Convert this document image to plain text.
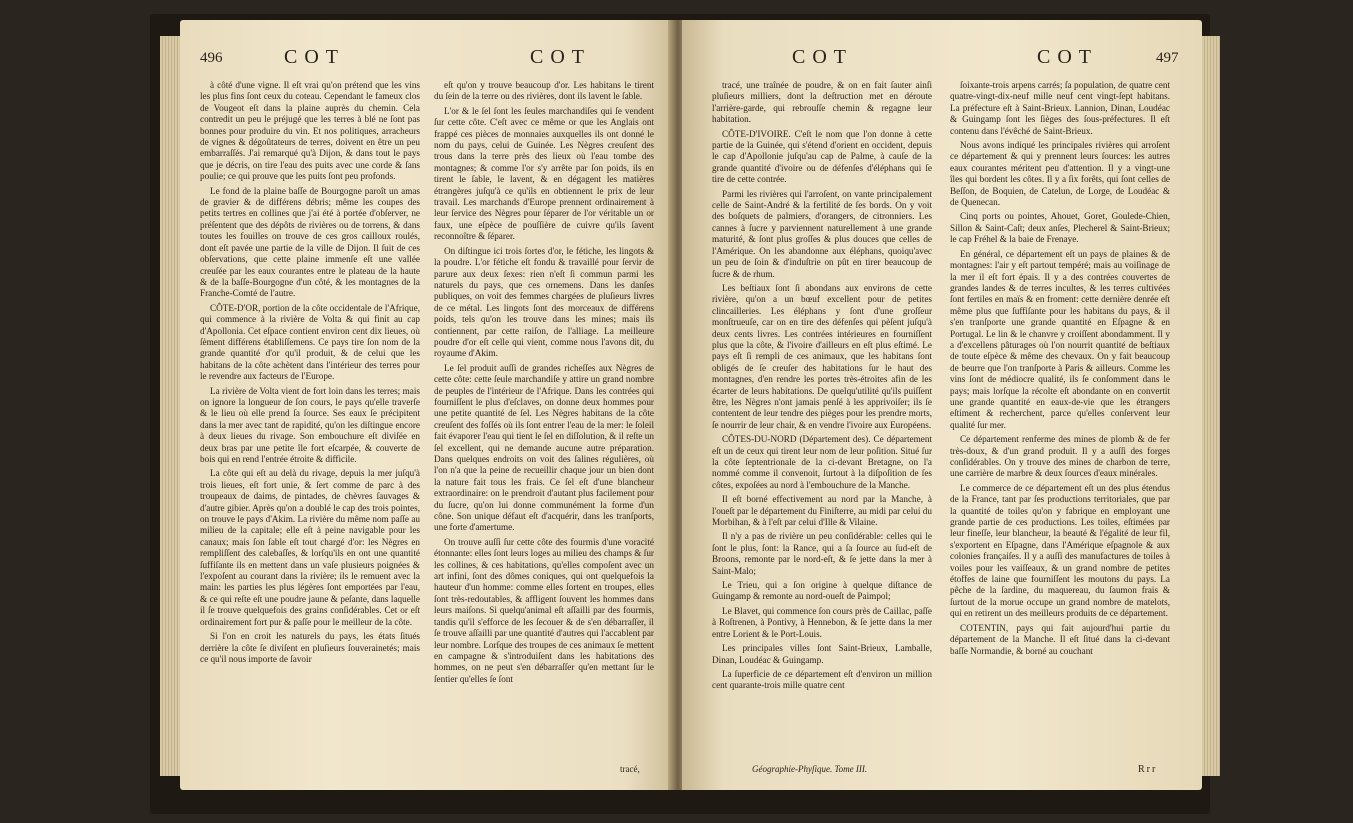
496	COT	COT

à côté d'une vigne. Il eſt vrai qu'on prétend que les vins les plus fins ſont ceux du coteau. Cependant le fameux clos de Vougeot eſt dans la plaine auprès du chemin. Cela contredit un peu le préjugé que les terres à blé ne ſont pas bonnes pour produire du vin. Et nos politiques, arracheurs de vignes & dégoûtateurs de terres, doivent en être un peu embarraſſés. J'ai remarqué qu'à Dijon, & dans tout le pays que je décris, on tire l'eau des puits avec une corde & ſans poulie; ce qui prouve que les puits ſont peu profonds.

Le fond de la plaine baſſe de Bourgogne paroît un amas de gravier & de différens débris; même les coupes des petits tertres en collines que j'ai été à portée d'obſerver, ne préſentent que des dépôts de rivières ou de torrens, & dans toutes les fouilles on trouve de ces gros cailloux roulés, dont eſt pavée une partie de la ville de Dijon. Il ſuit de ces obſervations, que cette plaine immenſe eſt une vallée creuſée par les eaux courantes entre le plateau de la haute & de la baſſe-Bourgogne d'un côté, & les montagnes de la Franche-Comté de l'autre.

CÔTE-D'OR, portion de la côte occidentale de l'Afrique, qui commence à la rivière de Volta & qui finit au cap d'Apollonia. Cet eſpace contient environ cent dix lieues, où ſèment différens établiſſemens. Ce pays tire ſon nom de la grande quantité d'or qu'il produit, & de celui que les habitans de la côte achètent dans l'intérieur des terres pour le revendre aux facteurs de l'Europe.

La rivière de Volta vient de fort loin dans les terres; mais on ignore la longueur de ſon cours, le pays qu'elle traverſe & le lieu où elle prend ſa ſource. Ses eaux ſe précipitent dans la mer avec tant de rapidité, qu'on les diſtingue encore à deux lieues du rivage. Son embouchure eſt diviſée en deux bras par une petite île fort eſcarpée, & couverte de bois qui en rend l'entrée étroite & difficile.

La côte qui eſt au delà du rivage, depuis la mer juſqu'à trois lieues, eſt fort unie, & ſert comme de parc à des troupeaux de daims, de pintades, de chèvres ſauvages & d'autre gibier. Après qu'on a doublé le cap des trois pointes, on trouve le pays d'Akim. La rivière du même nom paſſe au milieu de la capitale; elle eſt à peine navigable pour les canaux; mais ſon ſable eſt tout chargé d'or: les Nègres en rempliſſent des calebaſſes, & lorſqu'ils en ont une quantité ſuffiſante ils en mettent dans un vaſe plusieurs poignées & l'expoſent au courant dans la rivière; ils le remuent avec la main: les parties les plus légères ſont emportées par l'eau, & ce qui reſte eſt une poudre jaune & peſante, dans laquelle il ſe trouve quelquefois des grains conſidérables. Cet or eſt ordinairement fort pur & paſſe pour le meilleur de la côte.

Si l'on en croit les naturels du pays, les états ſitués derrière la côte ſe diviſent en pluſieurs ſouverainetés; mais ce qu'il nous importe de ſavoir

eſt qu'on y trouve beaucoup d'or. Les habitans le tirent du ſein de la terre ou des rivières, dont ils lavent le ſable.

L'or & le ſel ſont les ſeules marchandiſes qui ſe vendent ſur cette côte. C'eſt avec ce même or que les Anglais ont frappé ces pièces de monnaies auxquelles ils ont donné le nom du pays, celui de Guinée. Les Nègres creuſent des trous dans la terre près des lieux où l'eau tombe des montagnes; & comme l'or s'y arrête par ſon poids, ils en tirent le ſable, le lavent, & en dégagent les matières étrangères juſqu'à ce qu'ils en obtiennent le prix de leur travail. Les marchands d'Europe prennent ordinairement à leur ſervice des Nègres pour ſéparer de l'or véritable un or faux, une eſpèce de pouſſière de cuivre qu'ils ſavent reconnoître & ſéparer.

On diſtingue ici trois ſortes d'or, le fétiche, les lingots & la poudre. L'or fétiche eſt fondu & travaillé pour ſervir de parure aux deux ſexes: rien n'eſt ſi commun parmi les naturels du pays, que ces ornemens. Dans les danſes publiques, on voit des femmes chargées de pluſieurs livres de ce métal. Les lingots ſont des morceaux de différens poids, tels qu'on les trouve dans les mines; mais ils contiennent, par cette raiſon, de l'alliage. La meilleure poudre d'or eſt celle qui vient, comme nous l'avons dit, du royaume d'Akim.

Le ſel produit auſſi de grandes richeſſes aux Nègres de cette côte: cette ſeule marchandiſe y attire un grand nombre de peuples de l'intérieur de l'Afrique. Dans les contrées qui fourniſſent le plus d'eſclaves, on donne deux hommes pour une petite quantité de ſel. Les Nègres habitans de la côte creuſent des foſſés où ils ſont entrer l'eau de la mer: le ſoleil fait évaporer l'eau qui tient le ſel en diſſolution, & il reſte un ſel excellent, qui ne demande aucune autre préparation. Dans quelques endroits on voit des ſalines régulières, où l'on n'a que la peine de recueillir chaque jour un bien dont la nature fait tous les frais. Ce ſel eſt d'une blancheur extraordinaire: on le prendroit d'autant plus facilement pour du ſucre, qu'on lui donne communément la forme d'un cône. Son unique défaut eſt d'acquérir, dans les tranſports, une forte d'amertume.

On trouve auſſi ſur cette côte des fourmis d'une voracité étonnante: elles ſont leurs loges au milieu des champs & ſur les collines, & ces habitations, qu'elles compoſent avec un art infini, ſont des dômes coniques, qui ont quelquefois la hauteur d'un homme: comme elles ſortent en troupes, elles ſont très-redoutables, & affligent ſouvent les hommes dans leurs maiſons. Si quelqu'animal eſt aſſailli par des fourmis, tandis qu'il s'efforce de les ſecouer & de s'en débarraſſer, il ſe trouve aſſailli par une quantité d'autres qui l'accablent par leur nombre. Lorſque des troupes de ces animaux ſe mettent en campagne & s'introduiſent dans les habitations des hommes, on ne peut s'en débarraſſer qu'en mettant ſur le ſentier qu'elles ſe ſont

tracé,
COT	COT	497

tracé, une traînée de poudre, & on en fait ſauter ainſi pluſieurs milliers, dont la deſtruction met en déroute l'arrière-garde, qui rebrouſſe chemin & regagne leur habitation.

CÔTE-D'IVOIRE. C'eſt le nom que l'on donne à cette partie de la Guinée, qui s'étend d'orient en occident, depuis le cap d'Apollonie juſqu'au cap de Palme, à cauſe de la grande quantité d'ivoire ou de défenſes d'éléphans qui ſe tire de cette contrée.

Parmi les rivières qui l'arroſent, on vante principalement celle de Saint-André & la fertilité de ſes bords. On y voit des boſquets de palmiers, d'orangers, de citronniers. Les cannes à ſucre y parviennent naturellement à une grande maturité, & ſont plus groſſes & plus douces que celles de l'Amérique. On les abandonne aux éléphans, quoiqu'avec un peu de ſoin & d'induſtrie on pût en tirer beaucoup de ſucre & de rhum.

Les beſtiaux ſont ſi abondans aux environs de cette rivière, qu'on a un bœuf excellent pour de petites clincailleries. Les éléphans y ſont d'une groſſeur monſtrueuſe, car on en tire des défenſes qui pèſent juſqu'à deux cents livres. Les contrées intérieures en fourniſſent plus que la côte, & l'ivoire d'ailleurs en eſt plus eſtimé. Le pays eſt ſi rempli de ces animaux, que les habitans ſont obligés de ſe creuſer des habitations ſur le haut des montagnes, d'en rendre les portes très-étroites afin de les écarter de leurs habitations. De quelqu'utilité qu'ils puiſſent être, les Nègres n'ont jamais penſé à les apprivoiſer; ils ſe contentent de leur tendre des pièges pour les prendre morts, ſe nourrir de leur chair, & en vendre l'ivoire aux Européens.

CÔTES-DU-NORD (Département des). Ce département eſt un de ceux qui tirent leur nom de leur poſition. Situé ſur la côte ſeptentrionale de la ci-devant Bretagne, on l'a nommé comme il convenoit, ſurtout à la diſpoſition de ſes côtes, expoſées au nord à l'embouchure de la Manche.

Il eſt borné effectivement au nord par la Manche, à l'oueſt par le département du Finiſterre, au midi par celui du Morbihan, & à l'eſt par celui d'Ille & Vilaine.

Il n'y a pas de rivière un peu conſidérable: celles qui le ſont le plus, ſont: la Rance, qui a ſa ſource au ſud-eſt de Broons, remonte par le nord-eſt, & ſe jette dans la mer à Saint-Malo;

Le Trieu, qui a ſon origine à quelque diſtance de Guingamp & remonte au nord-oueſt de Paimpol;

Le Blavet, qui commence ſon cours près de Caillac, paſſe à Roſtrenen, à Pontivy, à Hennebon, & ſe jette dans la mer entre Lorient & le Port-Louis.

Les principales villes ſont Saint-Brieux, Lamballe, Dinan, Loudéac & Guingamp.

La ſuperficie de ce département eſt d'environ un million cent quarante-trois mille quatre cent

ſoixante-trois arpens carrés; ſa population, de quatre cent quatre-vingt-dix-neuf mille neuf cent vingt-ſept habitans. La préfecture eſt à Saint-Brieux. Lannion, Dinan, Loudéac & Guingamp ſont les ſièges des ſous-préfectures. Il eſt contenu dans l'évêché de Saint-Brieux.

Nous avons indiqué les principales rivières qui arroſent ce département & qui y prennent leurs ſources: les autres eaux courantes méritent peu d'attention. Il y a vingt-une îles qui bordent les côtes. Il y a ſix forêts, qui ſont celles de Beſſon, de Boquien, de Catelun, de Lorge, de Loudéac & de Quenecan.

Cinq ports ou pointes, Ahouet, Goret, Goulede-Chien, Sillon & Saint-Caſt; deux anſes, Plecherel & Saint-Brieux; le cap Fréhel & la baie de Frenaye.

En général, ce département eſt un pays de plaines & de montagnes: l'air y eſt partout tempéré; mais au voiſinage de la mer il eſt fort épais. Il y a des contrées couvertes de grandes landes & de terres incultes, & les terres cultivées ſont fertiles en maïs & en froment: cette dernière denrée eſt même plus que ſuffiſante pour les habitans du pays, & il s'en tranſporte une grande quantité en Eſpagne & en Portugal. Le lin & le chanvre y croiſſent abondamment. Il y a d'excellens pâturages où l'on nourrit quantité de beſtiaux de toute eſpèce & même des chevaux. On y fait beaucoup de beurre que l'on tranſporte à Paris & ailleurs. Comme les vins ſont de médiocre qualité, ils ſe conſomment dans le pays; mais lorſque la récolte eſt abondante on en convertit une grande quantité en eaux-de-vie que les étrangers eſtiment & recherchent, parce qu'elles conſervent leur qualité ſur mer.

Ce département renferme des mines de plomb & de fer très-doux, & d'un grand produit. Il y a auſſi des forges conſidérables. On y trouve des mines de charbon de terre, une carrière de marbre & deux ſources d'eaux minérales.

Le commerce de ce département eſt un des plus étendus de la France, tant par ſes productions territoriales, que par la quantité de toiles qu'on y fabrique en employant une grande partie de ces productions. Les toiles, eſtimées par leur fineſſe, leur blancheur, la beauté & l'égalité de leur fil, s'exportent en Eſpagne, dans l'Amérique eſpagnole & aux colonies françaiſes. Il y a auſſi des manufactures de toiles à voiles pour les vaiſſeaux, & un grand nombre de petites étoffes de laine que fourniſſent les moutons du pays. La pêche de la ſardine, du maquereau, du ſaumon frais & ſurtout de la morue occupe un grand nombre de matelots, qui en retirent un des meilleurs produits de ce département.

COTENTIN, pays qui fait aujourd'hui partie du département de la Manche. Il eſt ſitué dans la ci-devant baſſe Normandie, & borné au couchant

Géographie-Phyſique. Tome III.	Rrr
